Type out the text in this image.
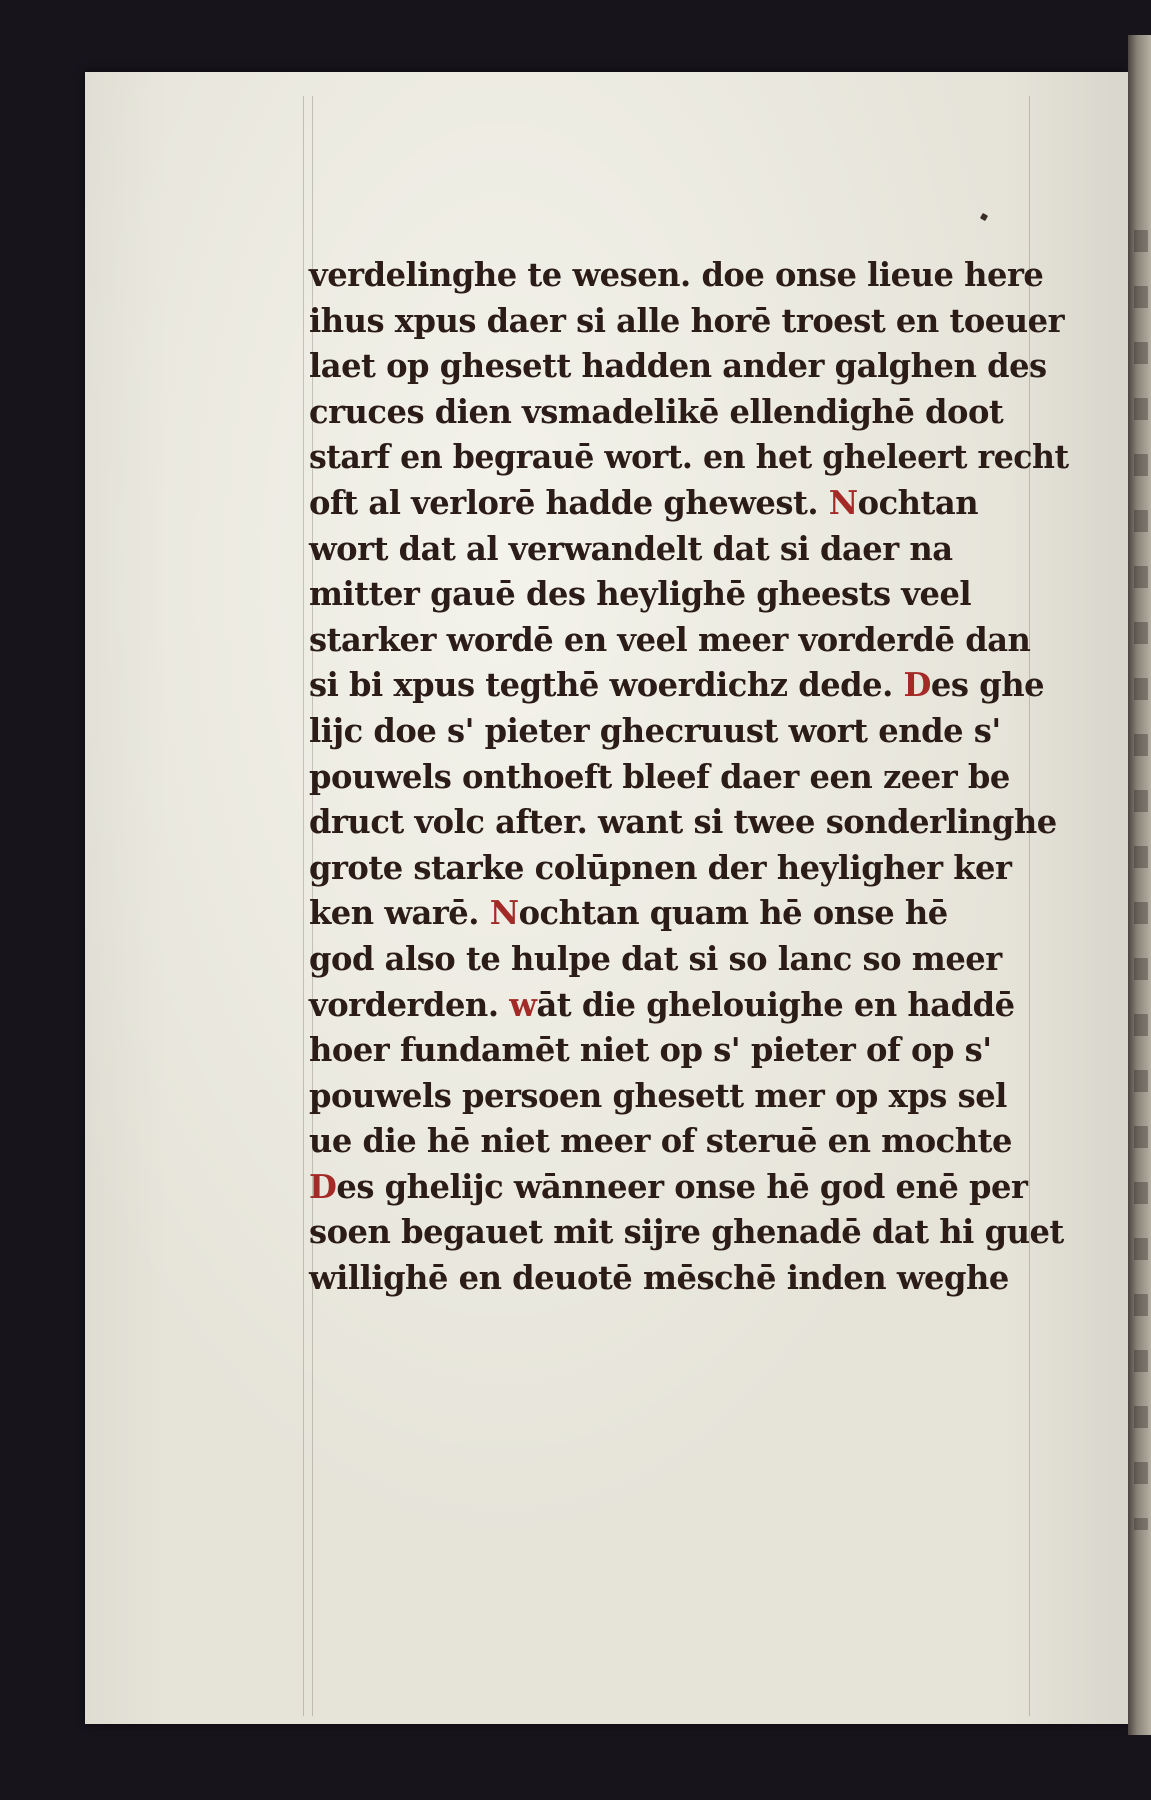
verdelinghe te wesen. doe onse lieue here
ihus xpus daer si alle horē troest en toeuer
laet op ghesett hadden ander galghen des
cruces dien vsmadelikē ellendighē doot
starf en begrauē wort. en het gheleert recht
oft al verlorē hadde ghewest. Nochtan
wort dat al verwandelt dat si daer na
mitter gauē des heylighē gheests veel
starker wordē en veel meer vorderdē dan
si bi xpus tegthē woerdichz dede. Des ghe
lijc doe s' pieter ghecruust wort ende s'
pouwels onthoeft bleef daer een zeer be
druct volc after. want si twee sonderlinghe
grote starke colūpnen der heyligher ker
ken warē. Nochtan quam hē onse hē
god also te hulpe dat si so lanc so meer
vorderden. wāt die ghelouighe en haddē
hoer fundamēt niet op s' pieter of op s'
pouwels persoen ghesett mer op xps sel
ue die hē niet meer of steruē en mochte
Des ghelijc wānneer onse hē god enē per
soen begauet mit sijre ghenadē dat hi guet
willighē en deuotē mēschē inden weghe
